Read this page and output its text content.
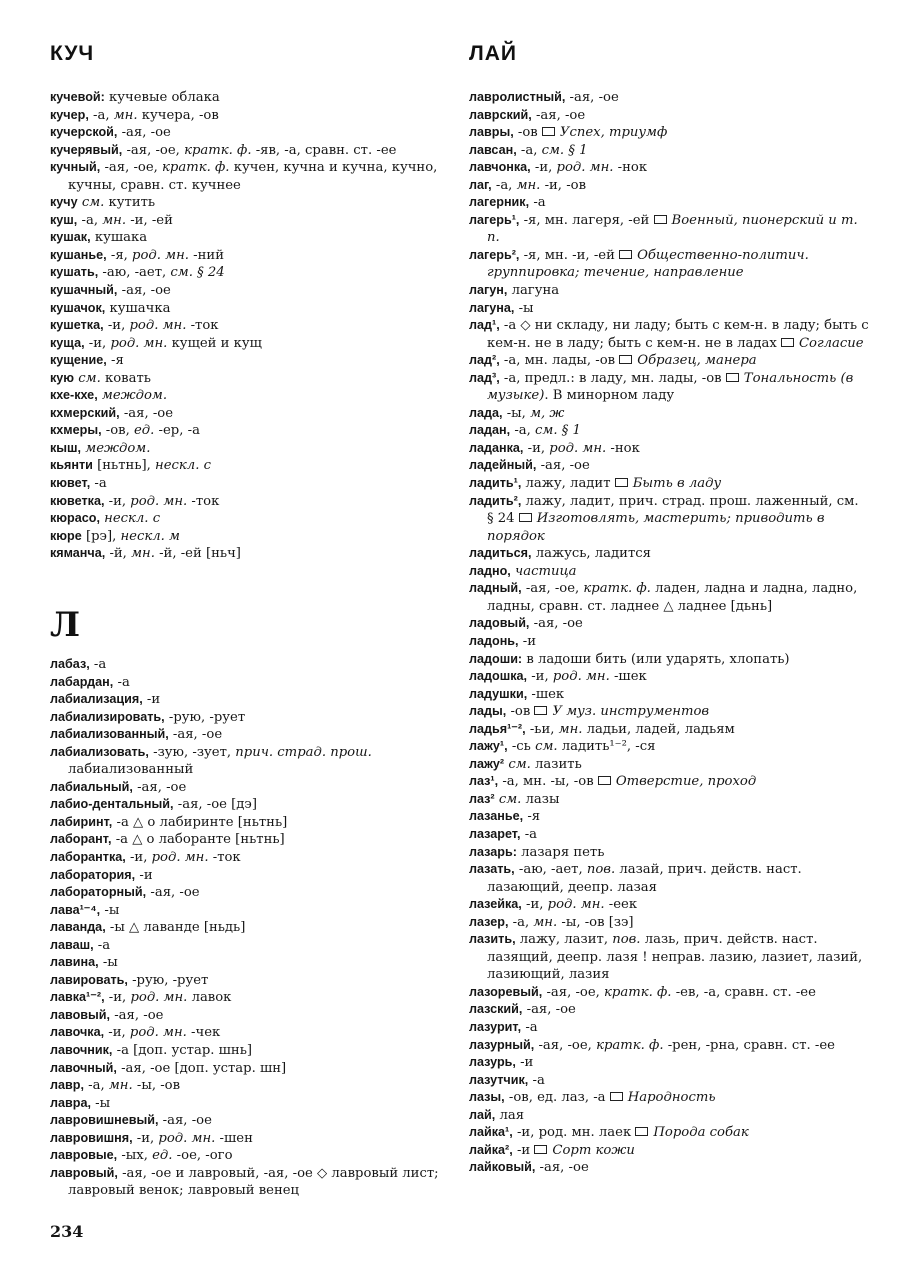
КУЧ	ЛАЙ
кучевой: кучевые облака
кучер, -а, мн. кучера, -ов
кучерской, -ая, -ое
кучерявый, -ая, -ое, кратк. ф. -яв, -а, сравн. ст. -ее
кучный, -ая, -ое, кратк. ф. кучен, кучна и кучна, кучно, кучны, сравн. ст. кучнее
кучу см. кутить
куш, -а, мн. -и, -ей
кушак, кушака
кушанье, -я, род. мн. -ний
кушать, -аю, -ает, см. § 24
кушачный, -ая, -ое
кушачок, кушачка
кушетка, -и, род. мн. -ток
куща, -и, род. мн. кущей и кущ
кущение, -я
кую см. ковать
кхе-кхе, междом.
кхмерский, -ая, -ое
кхмеры, -ов, ед. -ер, -а
кыш, междом.
кьянти [ньтнь], нескл. с
кювет, -а
кюветка, -и, род. мн. -ток
кюрасо, нескл. с
кюре [рэ], нескл. м
кяманча, -й, мн. -й, -ей [ньч]
Л
лабаз, -а
лабардан, -а
лабиализация, -и
лабиализировать, -рую, -рует
лабиализованный, -ая, -ое
лабиализовать, -зую, -зует, прич. страд. прош. лабиализованный
лабиальный, -ая, -ое
лабио-дентальный, -ая, -ое [дэ]
лабиринт, -а △ о лабиринте [ньтнь]
лаборант, -а △ о лаборанте [ньтнь]
лаборантка, -и, род. мн. -ток
лаборатория, -и
лабораторный, -ая, -ое
лава¹⁻⁴, -ы
лаванда, -ы △ лаванде [ньдь]
лаваш, -а
лавина, -ы
лавировать, -рую, -рует
лавка¹⁻², -и, род. мн. лавок
лавовый, -ая, -ое
лавочка, -и, род. мн. -чек
лавочник, -а [доп. устар. шнь]
лавочный, -ая, -ое [доп. устар. шн]
лавр, -а, мн. -ы, -ов
лавра, -ы
лавровишневый, -ая, -ое
лавровишня, -и, род. мн. -шен
лавровые, -ых, ед. -ое, -ого
лавровый, -ая, -ое и лавровый, -ая, -ое ◇ лавровый лист; лавровый венок; лавровый венец
лавролистный, -ая, -ое
лаврский, -ая, -ое
лавры, -ов Успех, триумф
лавсан, -а, см. § 1
лавчонка, -и, род. мн. -нок
лаг, -а, мн. -и, -ов
лагерник, -а
лагерь¹, -я, мн. лагеря, -ей Военный, пионерский и т. п.
лагерь², -я, мн. -и, -ей Общественно-политич. группировка; течение, направление
лагун, лагуна
лагуна, -ы
лад¹, -а ◇ ни складу, ни ладу; быть с кем-н. в ладу; быть с кем-н. не в ладу; быть с кем-н. не в ладах Согласие
лад², -а, мн. лады, -ов Образец, манера
лад³, -а, предл.: в ладу, мн. лады, -ов Тональность (в музыке). В минорном ладу
лада, -ы, м, ж
ладан, -а, см. § 1
ладанка, -и, род. мн. -нок
ладейный, -ая, -ое
ладить¹, лажу, ладит Быть в ладу
ладить², лажу, ладит, прич. страд. прош. лаженный, см. § 24 Изготовлять, мастерить; приводить в порядок
ладиться, лажусь, ладится
ладно, частица
ладный, -ая, -ое, кратк. ф. ладен, ладна и ладна, ладно, ладны, сравн. ст. ладнее △ ладнее [дьнь]
ладовый, -ая, -ое
ладонь, -и
ладоши: в ладоши бить (или ударять, хлопать)
ладошка, -и, род. мн. -шек
ладушки, -шек
лады, -ов У муз. инструментов
ладья¹⁻², -ьи, мн. ладьи, ладей, ладьям
лажу¹, -сь см. ладить¹⁻², -ся
лажу² см. лазить
лаз¹, -а, мн. -ы, -ов Отверстие, проход
лаз² см. лазы
лазанье, -я
лазарет, -а
лазарь: лазаря петь
лазать, -аю, -ает, пов. лазай, прич. действ. наст. лазающий, деепр. лазая
лазейка, -и, род. мн. -еек
лазер, -а, мн. -ы, -ов [зэ]
лазить, лажу, лазит, пов. лазь, прич. действ. наст. лазящий, деепр. лазя ! неправ. лазию, лазиет, лазий, лазиющий, лазия
лазоревый, -ая, -ое, кратк. ф. -ев, -а, сравн. ст. -ее
лазский, -ая, -ое
лазурит, -а
лазурный, -ая, -ое, кратк. ф. -рен, -рна, сравн. ст. -ее
лазурь, -и
лазутчик, -а
лазы, -ов, ед. лаз, -а Народность
лай, лая
лайка¹, -и, род. мн. лаек Порода собак
лайка², -и Сорт кожи
лайковый, -ая, -ое
234
